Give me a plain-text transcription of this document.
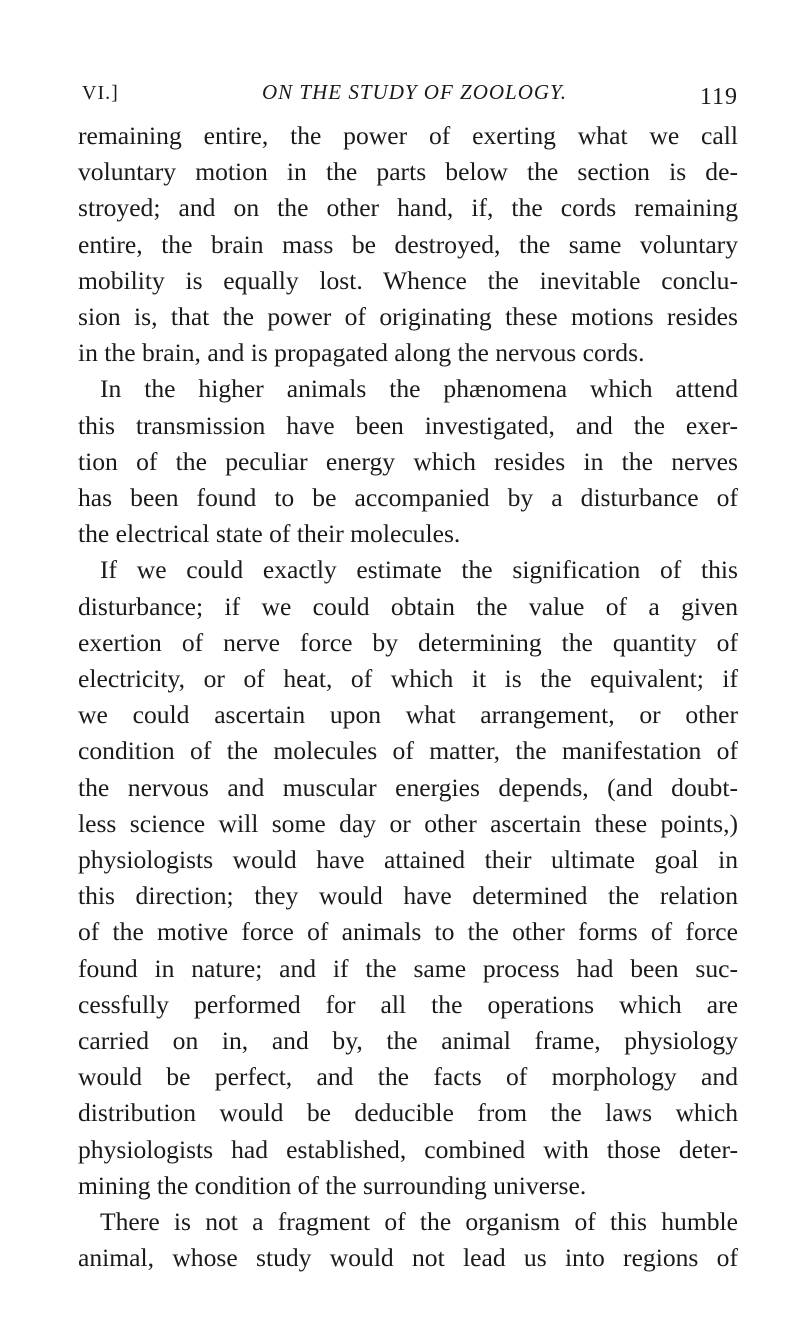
VI.]	ON THE STUDY OF ZOOLOGY.	119

remaining entire, the power of exerting what we call
voluntary motion in the parts below the section is de-
stroyed; and on the other hand, if, the cords remaining
entire, the brain mass be destroyed, the same voluntary
mobility is equally lost. Whence the inevitable conclu-
sion is, that the power of originating these motions resides
in the brain, and is propagated along the nervous cords.

In the higher animals the phænomena which attend
this transmission have been investigated, and the exer-
tion of the peculiar energy which resides in the nerves
has been found to be accompanied by a disturbance of
the electrical state of their molecules.

If we could exactly estimate the signification of this
disturbance; if we could obtain the value of a given
exertion of nerve force by determining the quantity of
electricity, or of heat, of which it is the equivalent; if
we could ascertain upon what arrangement, or other
condition of the molecules of matter, the manifestation of
the nervous and muscular energies depends, (and doubt-
less science will some day or other ascertain these points,)
physiologists would have attained their ultimate goal in
this direction; they would have determined the relation
of the motive force of animals to the other forms of force
found in nature; and if the same process had been suc-
cessfully performed for all the operations which are
carried on in, and by, the animal frame, physiology
would be perfect, and the facts of morphology and
distribution would be deducible from the laws which
physiologists had established, combined with those deter-
mining the condition of the surrounding universe.

There is not a fragment of the organism of this humble
animal, whose study would not lead us into regions of
